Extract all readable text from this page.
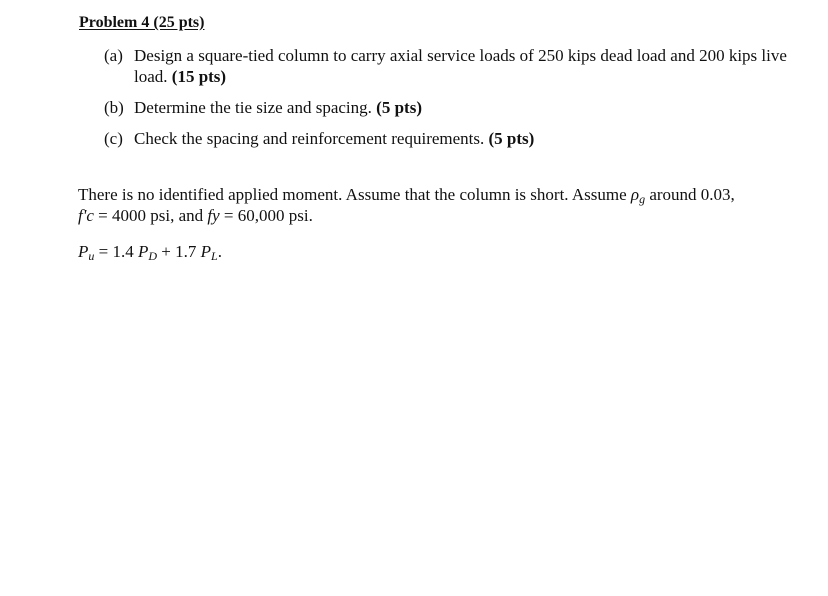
Problem 4 (25 pts)
(a) Design a square-tied column to carry axial service loads of 250 kips dead load and 200 kips live load. (15 pts)
(b) Determine the tie size and spacing. (5 pts)
(c) Check the spacing and reinforcement requirements. (5 pts)
There is no identified applied moment. Assume that the column is short. Assume $\rho_g$ around 0.03,
f'c = 4000 psi, and fy = 60,000 psi.
$P_u = 1.4$ $P_D + 1.7$ $P_L$.
